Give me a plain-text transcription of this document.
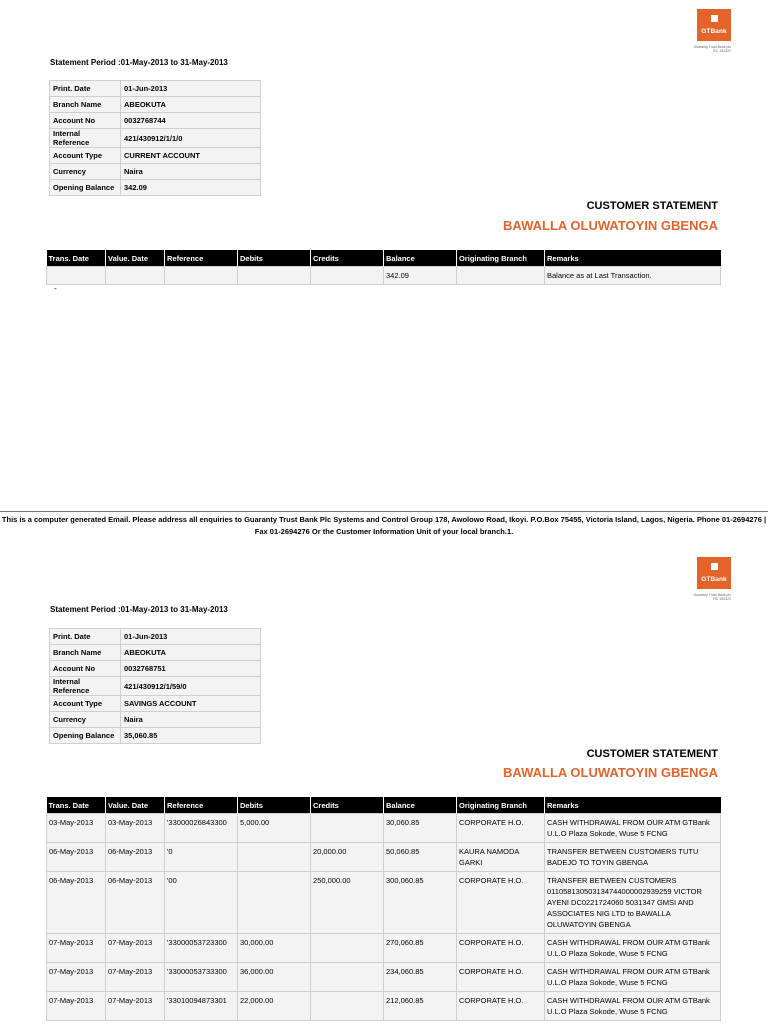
GTBank
Guaranty Trust Bank plc
RC 152321
Statement Period :01-May-2013 to 31-May-2013
Print. Date	01-Jun-2013
Branch Name	ABEOKUTA
Account No	0032768744
Internal Reference	421/430912/1/1/0
Account Type	CURRENT ACCOUNT
Currency	Naira
Opening Balance	342.09
CUSTOMER STATEMENT
BAWALLA OLUWATOYIN GBENGA
Trans. Date	Value. Date	Reference	Debits	Credits	Balance	Originating Branch	Remarks
					342.09		Balance as at Last Transaction.
-
This is a computer generated Email. Please address all enquiries to Guaranty Trust Bank Plc Systems and Control Group 178, Awolowo Road, Ikoyi. P.O.Box 75455, Victoria Island, Lagos, Nigeria. Phone 01-2694276 |
Fax 01-2694276 Or the Customer Information Unit of your local branch.1.
GTBank
Guaranty Trust Bank plc
RC 152321
Statement Period :01-May-2013 to 31-May-2013
Print. Date	01-Jun-2013
Branch Name	ABEOKUTA
Account No	0032768751
Internal Reference	421/430912/1/59/0
Account Type	SAVINGS ACCOUNT
Currency	Naira
Opening Balance	35,060.85
CUSTOMER STATEMENT
BAWALLA OLUWATOYIN GBENGA
Trans. Date	Value. Date	Reference	Debits	Credits	Balance	Originating Branch	Remarks
03-May-2013	03-May-2013	'33000026843300	5,000.00		30,060.85	CORPORATE H.O.	CASH WITHDRAWAL FROM OUR ATM GTBank U.L.O Plaza Sokode, Wuse 5 FCNG
06-May-2013	06-May-2013	'0		20,000.00	50,060.85	KAURA NAMODA GARKI	TRANSFER BETWEEN CUSTOMERS TUTU BADEJO TO TOYIN GBENGA
06-May-2013	06-May-2013	'00		250,000.00	300,060.85	CORPORATE H.O.	TRANSFER BETWEEN CUSTOMERS 011058130503134744000002939259 VICTOR AYENI DC0221724060 5031347 GMSI AND ASSOCIATES NIG LTD to BAWALLA OLUWATOYIN GBENGA
07-May-2013	07-May-2013	'33000053723300	30,000.00		270,060.85	CORPORATE H.O.	CASH WITHDRAWAL FROM OUR ATM GTBank U.L.O Plaza Sokode, Wuse 5 FCNG
07-May-2013	07-May-2013	'33000053733300	36,000.00		234,060.85	CORPORATE H.O.	CASH WITHDRAWAL FROM OUR ATM GTBank U.L.O Plaza Sokode, Wuse 5 FCNG
07-May-2013	07-May-2013	'33010094873301	22,000.00		212,060.85	CORPORATE H.O.	CASH WITHDRAWAL FROM OUR ATM GTBank U.L.O Plaza Sokode, Wuse 5 FCNG
